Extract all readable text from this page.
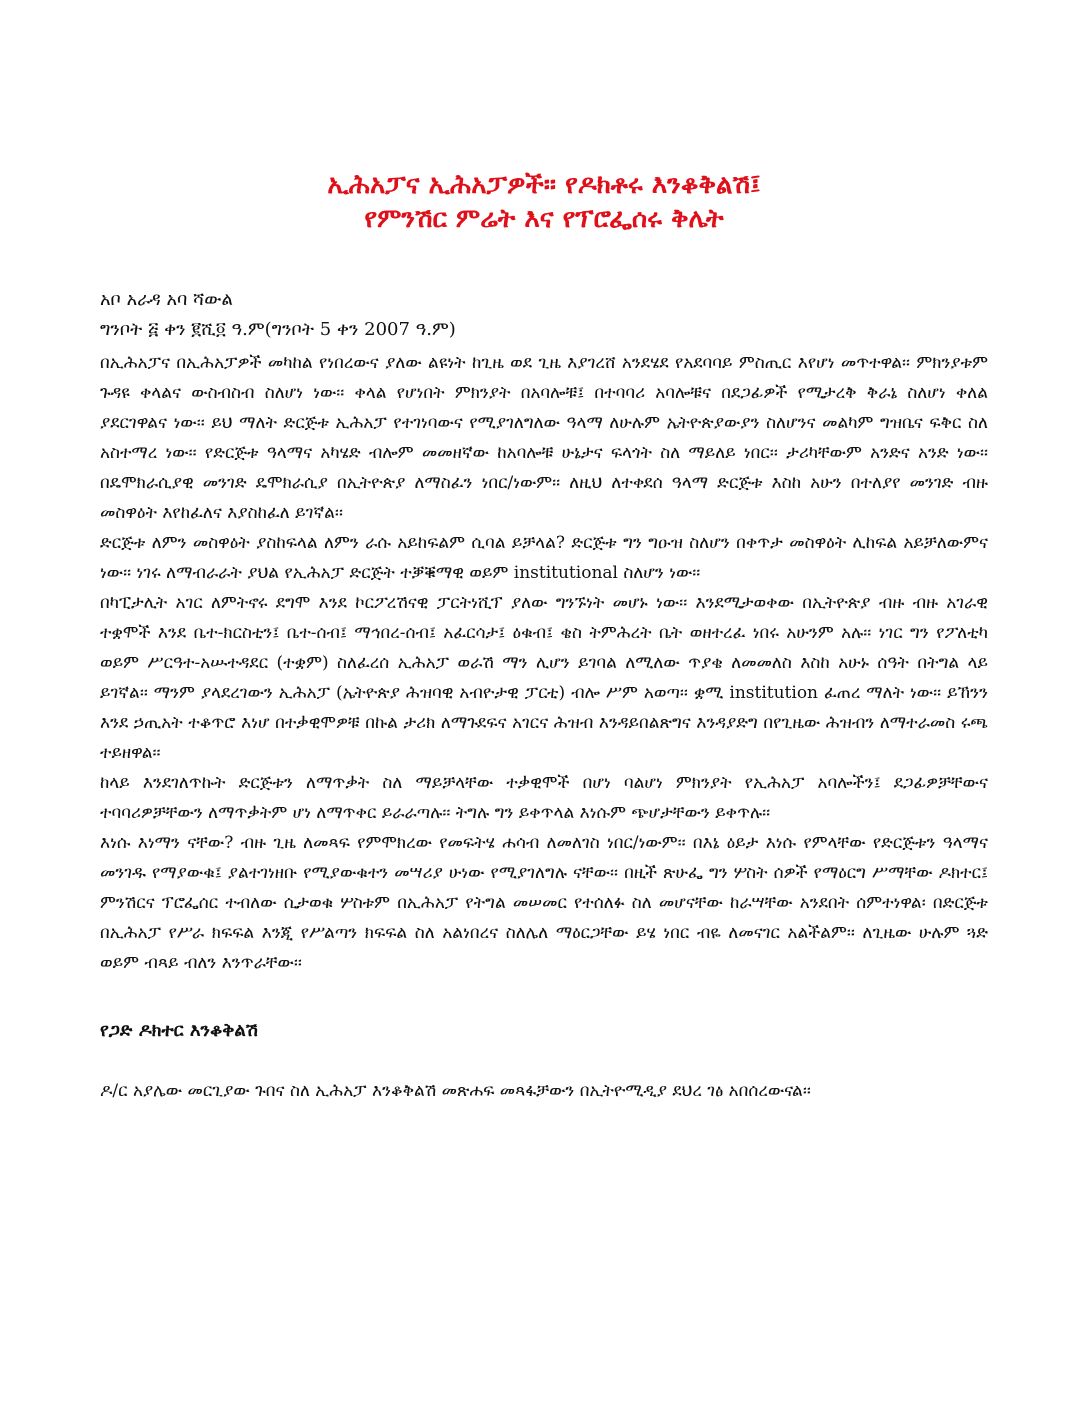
ኢሕአፓና ኢሕአፓዎች፡፡ የዶክቶሩ እንቆቅልሽ፤
የምንሽር ምሬት እና የፕሮፌሰሩ ቅሌት

አቦ አራዳ አባ ሻውል

ግንቦት ፭ ቀን ፪ሺ፬ ዓ.ም(ግንቦት 5 ቀን 2007 ዓ.ም)

በኢሕአፓና በኢሕአፓዎች መካከል የነበረውና ያለው ልዩነት ከጊዜ ወደ ጊዜ እያገረሸ አንደሄደ የአደባባይ ምስጢር እየሆነ መጥተዋል፡፡ ምክንያቱም ጉዳዩ ቀላልና ውስብስብ ስለሆነ ነው፡፡ ቀላል የሆነበት ምክንያት በአባሎቹ፤ በተባባሪ አባሎቹና በደጋፊዎች የሚታረቅ ቅራኔ ስለሆነ ቀለል ያደርገዋልና ነው፡፡ ይህ ማለት ድርጅቱ ኢሕአፓ የተገነባውና የሚያገለግለው ዓላማ ለሁሉም ኤትዮጵያውያን ስለሆንና መልካም ግዝቤና ፍቅር ስለ አስተማረ ነው፡፡ የድርጅቱ ዓላማና አካሄድ ብሎም መመዘኛው ከአባሎቹ ሁኔታና ፍላጎት ስለ ማይለይ ነበር፡፡ ታሪካቸውም አንድና አንድ ነው፡፡ በዴሞክራሲያዊ መንገድ ዴሞክራሲያ በኢትዮጵያ ለማስፈን ነበር/ነውም፡፡ ለዚህ ለተቀደሰ ዓላማ ድርጅቱ እስከ አሁን በተለያየ መንገድ ብዙ መስዋዕት እየከፈለና እያስከፈለ ይገኛል፡፡

ድርጅቱ ለምን መስዋዕት ያስከፍላል ለምን ራሱ አይከፍልም ሲባል ይቻላል? ድርጅቱ ግን ግዑዝ ስለሆን በቀጥታ መስዋዕት ሊከፍል አይቻለውምና ነው፡፡ ነገሩ ለማብራራት ያህል የኢሕአፓ ድርጅት ተቓቑማዊ ወይም institutional ስለሆን ነው፡፡

በካፒታሊት አገር ለምትኖሩ ደግሞ እንደ ኮርፖረሽናዊ ፓርትነሺፕ ያለው ግንኙነት መሆኑ ነው፡፡ እንደሚታወቀው በኢትዮጵያ ብዙ ብዙ አገራዊ ተቋሞች እንደ ቤተ-ክርስቲን፤ ቤተ-ሰብ፤ ማኅበረ-ሰብ፤ አፈርሳታ፤ ዕቁብ፤ ቄስ ትምሕረት ቤት ወዘተረፈ ነበሩ አሁንም አሉ፡፡ ነገር ግን የፖለቲካ ወይም ሥርዓተ-አሡተዳደር (ተቋም) ስለፈረሰ ኢሕአፓ ወራሽ ማን ሊሆን ይገባል ለሚለው ጥያቄ ለመመለስ እስከ አሁኑ ሰዓት በትግል ላይ ይገኛል፡፡ ማንም ያላደረገውን ኢሕአፓ (ኤትዮጵያ ሕዝባዊ አብዮታዊ ፓርቲ) ብሎ ሥም አወጣ፡፡ ቋሚ institution ፈጠረ ማለት ነው፡፡ ይኸንን እንደ ኃጢአት ተቆጥሮ እነሆ በተቃዊሞዎቹ በኩል ታሪክ ለማጉደፍና አገርና ሕዝብ እንዳይበልጽግና እንዳያድግ በየጊዜው ሕዝብን ለማተራመስ ሩጫ ተይዘዋል፡፡

ከላይ እንደገለጥኩት ድርጅቱን ለማጥቃት ስለ ማይቻላቸው ተቃዊሞች በሆነ ባልሆነ ምክንያት የኢሕአፓ አባሎችን፤ ደጋፊዎቻቸውና ተባባሪዎቻቸውን ለማጥቃትም ሆነ ለማጥቀር ይራራጣሉ፡፡ ትግሉ ግን ይቀጥላል እነሱም ጭሆታቸውን ይቀጥሉ፡፡

እነሱ እነማን ናቸው? ብዙ ጊዜ ለመጻፍ የምሞክረው የመፍትሄ ሐሳብ ለመለገስ ነበር/ነውም፡፡ በእኔ ዕይታ እነሱ የምላቸው የድርጅቱን ዓላማና መንገዱ የማያውቁ፤ ያልተገነዘቡ የሚያውቁተን መሣሪያ ሁነው የሚያገለግሉ ናቸው፡፡ በዚች ጽሁፌ ግን ሦስት ሰዎች የማዕርግ ሥማቸው ዶክተር፤ ምንሽርና ፕሮፌሰር ተብለው ሲታወቁ ሦስቱም በኢሕአፓ የትግል መሠመር የተሰለፉ ስለ መሆናቸው ከራሣቸው አንደበት ሰምተነዋል፡ በድርጅቱ በኢሕአፓ የሥራ ክፍፍል እንጂ የሥልጣን ክፍፍል ስለ አልነበረና ስለሌለ ማዕርጋቸው ይሄ ነበር ብዬ ለመናገር አልችልም፡፡ ለጊዜው ሁሉም ጓድ ወይም ብጻይ ብለን እንጥራቸው፡፡

የጋድ ዶክተር እንቆቅልሽ

ዶ/ር አያሌው መርጊያው ጉበና ስለ ኢሕአፓ እንቆቅልሽ መጽሐፍ መጻፋቻውን በኢትዮሚዲያ ደህረ ገፅ አበሰረውናል፡፡
